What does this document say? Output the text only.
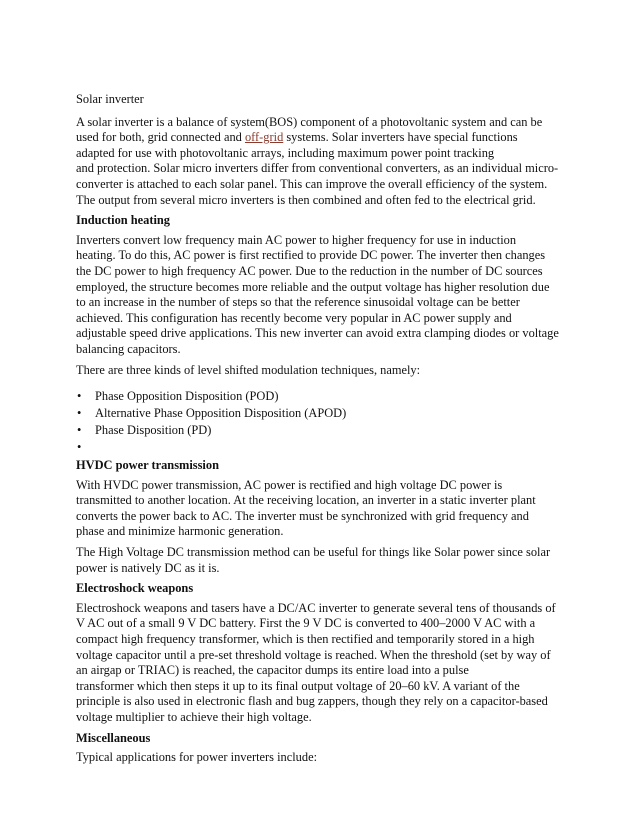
Solar inverter

A solar inverter is a balance of system(BOS) component of a photovoltanic system and can be
used for both, grid connected and off-grid systems. Solar inverters have special functions
adapted for use with photovoltanic arrays, including maximum power point tracking
and protection. Solar micro inverters differ from conventional converters, as an individual micro-
converter is attached to each solar panel. This can improve the overall efficiency of the system.
The output from several micro inverters is then combined and often fed to the electrical grid.

Induction heating

Inverters convert low frequency main AC power to higher frequency for use in induction
heating. To do this, AC power is first rectified to provide DC power. The inverter then changes
the DC power to high frequency AC power. Due to the reduction in the number of DC sources
employed, the structure becomes more reliable and the output voltage has higher resolution due
to an increase in the number of steps so that the reference sinusoidal voltage can be better
achieved. This configuration has recently become very popular in AC power supply and
adjustable speed drive applications. This new inverter can avoid extra clamping diodes or voltage
balancing capacitors.

There are three kinds of level shifted modulation techniques, namely:

• Phase Opposition Disposition (POD)
• Alternative Phase Opposition Disposition (APOD)
• Phase Disposition (PD)
•

HVDC power transmission

With HVDC power transmission, AC power is rectified and high voltage DC power is
transmitted to another location. At the receiving location, an inverter in a static inverter plant
converts the power back to AC. The inverter must be synchronized with grid frequency and
phase and minimize harmonic generation.

The High Voltage DC transmission method can be useful for things like Solar power since solar
power is natively DC as it is.

Electroshock weapons

Electroshock weapons and tasers have a DC/AC inverter to generate several tens of thousands of
V AC out of a small 9 V DC battery. First the 9 V DC is converted to 400–2000 V AC with a
compact high frequency transformer, which is then rectified and temporarily stored in a high
voltage capacitor until a pre-set threshold voltage is reached. When the threshold (set by way of
an airgap or TRIAC) is reached, the capacitor dumps its entire load into a pulse
transformer which then steps it up to its final output voltage of 20–60 kV. A variant of the
principle is also used in electronic flash and bug zappers, though they rely on a capacitor-based
voltage multiplier to achieve their high voltage.

Miscellaneous

Typical applications for power inverters include:
